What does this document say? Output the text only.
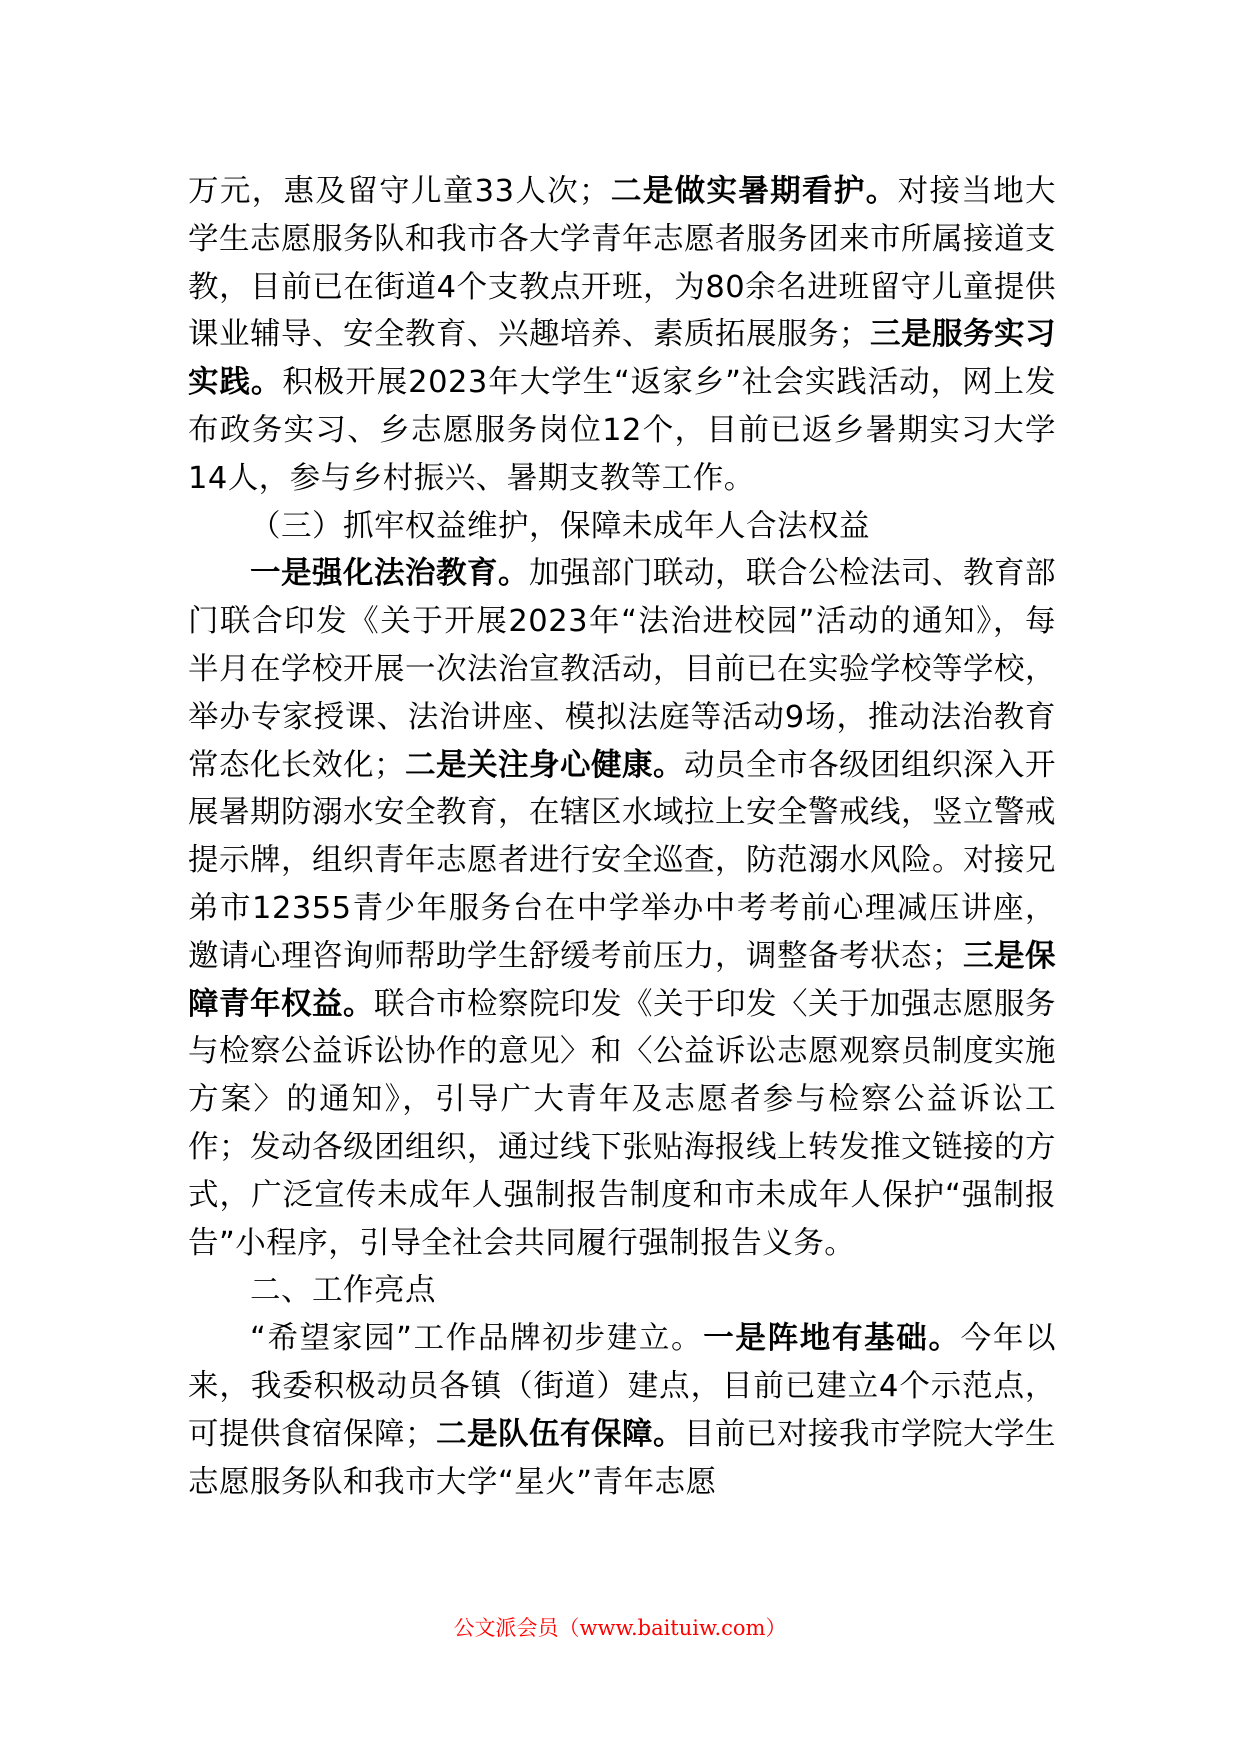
万元，惠及留守儿童33人次；二是做实暑期看护。对接当地大学生志愿服务队和我市各大学青年志愿者服务团来市所属接道支教，目前已在街道4个支教点开班，为80余名进班留守儿童提供课业辅导、安全教育、兴趣培养、素质拓展服务；三是服务实习实践。积极开展2023年大学生“返家乡”社会实践活动，网上发布政务实习、乡志愿服务岗位12个，目前已返乡暑期实习大学14人，参与乡村振兴、暑期支教等工作。

（三）抓牢权益维护，保障未成年人合法权益

一是强化法治教育。加强部门联动，联合公检法司、教育部门联合印发《关于开展2023年“法治进校园”活动的通知》，每半月在学校开展一次法治宣教活动，目前已在实验学校等学校，举办专家授课、法治讲座、模拟法庭等活动9场，推动法治教育常态化长效化；二是关注身心健康。动员全市各级团组织深入开展暑期防溺水安全教育，在辖区水域拉上安全警戒线，竖立警戒提示牌，组织青年志愿者进行安全巡查，防范溺水风险。对接兄弟市12355青少年服务台在中学举办中考考前心理减压讲座，邀请心理咨询师帮助学生舒缓考前压力，调整备考状态；三是保障青年权益。联合市检察院印发《关于印发〈关于加强志愿服务与检察公益诉讼协作的意见〉和〈公益诉讼志愿观察员制度实施方案〉的通知》，引导广大青年及志愿者参与检察公益诉讼工作；发动各级团组织，通过线下张贴海报线上转发推文链接的方式，广泛宣传未成年人强制报告制度和市未成年人保护“强制报告”小程序，引导全社会共同履行强制报告义务。

二、工作亮点

“希望家园”工作品牌初步建立。一是阵地有基础。今年以来，我委积极动员各镇（街道）建点，目前已建立4个示范点，可提供食宿保障；二是队伍有保障。目前已对接我市学院大学生志愿服务队和我市大学“星火”青年志愿

公文派会员（www.baituiw.com）
